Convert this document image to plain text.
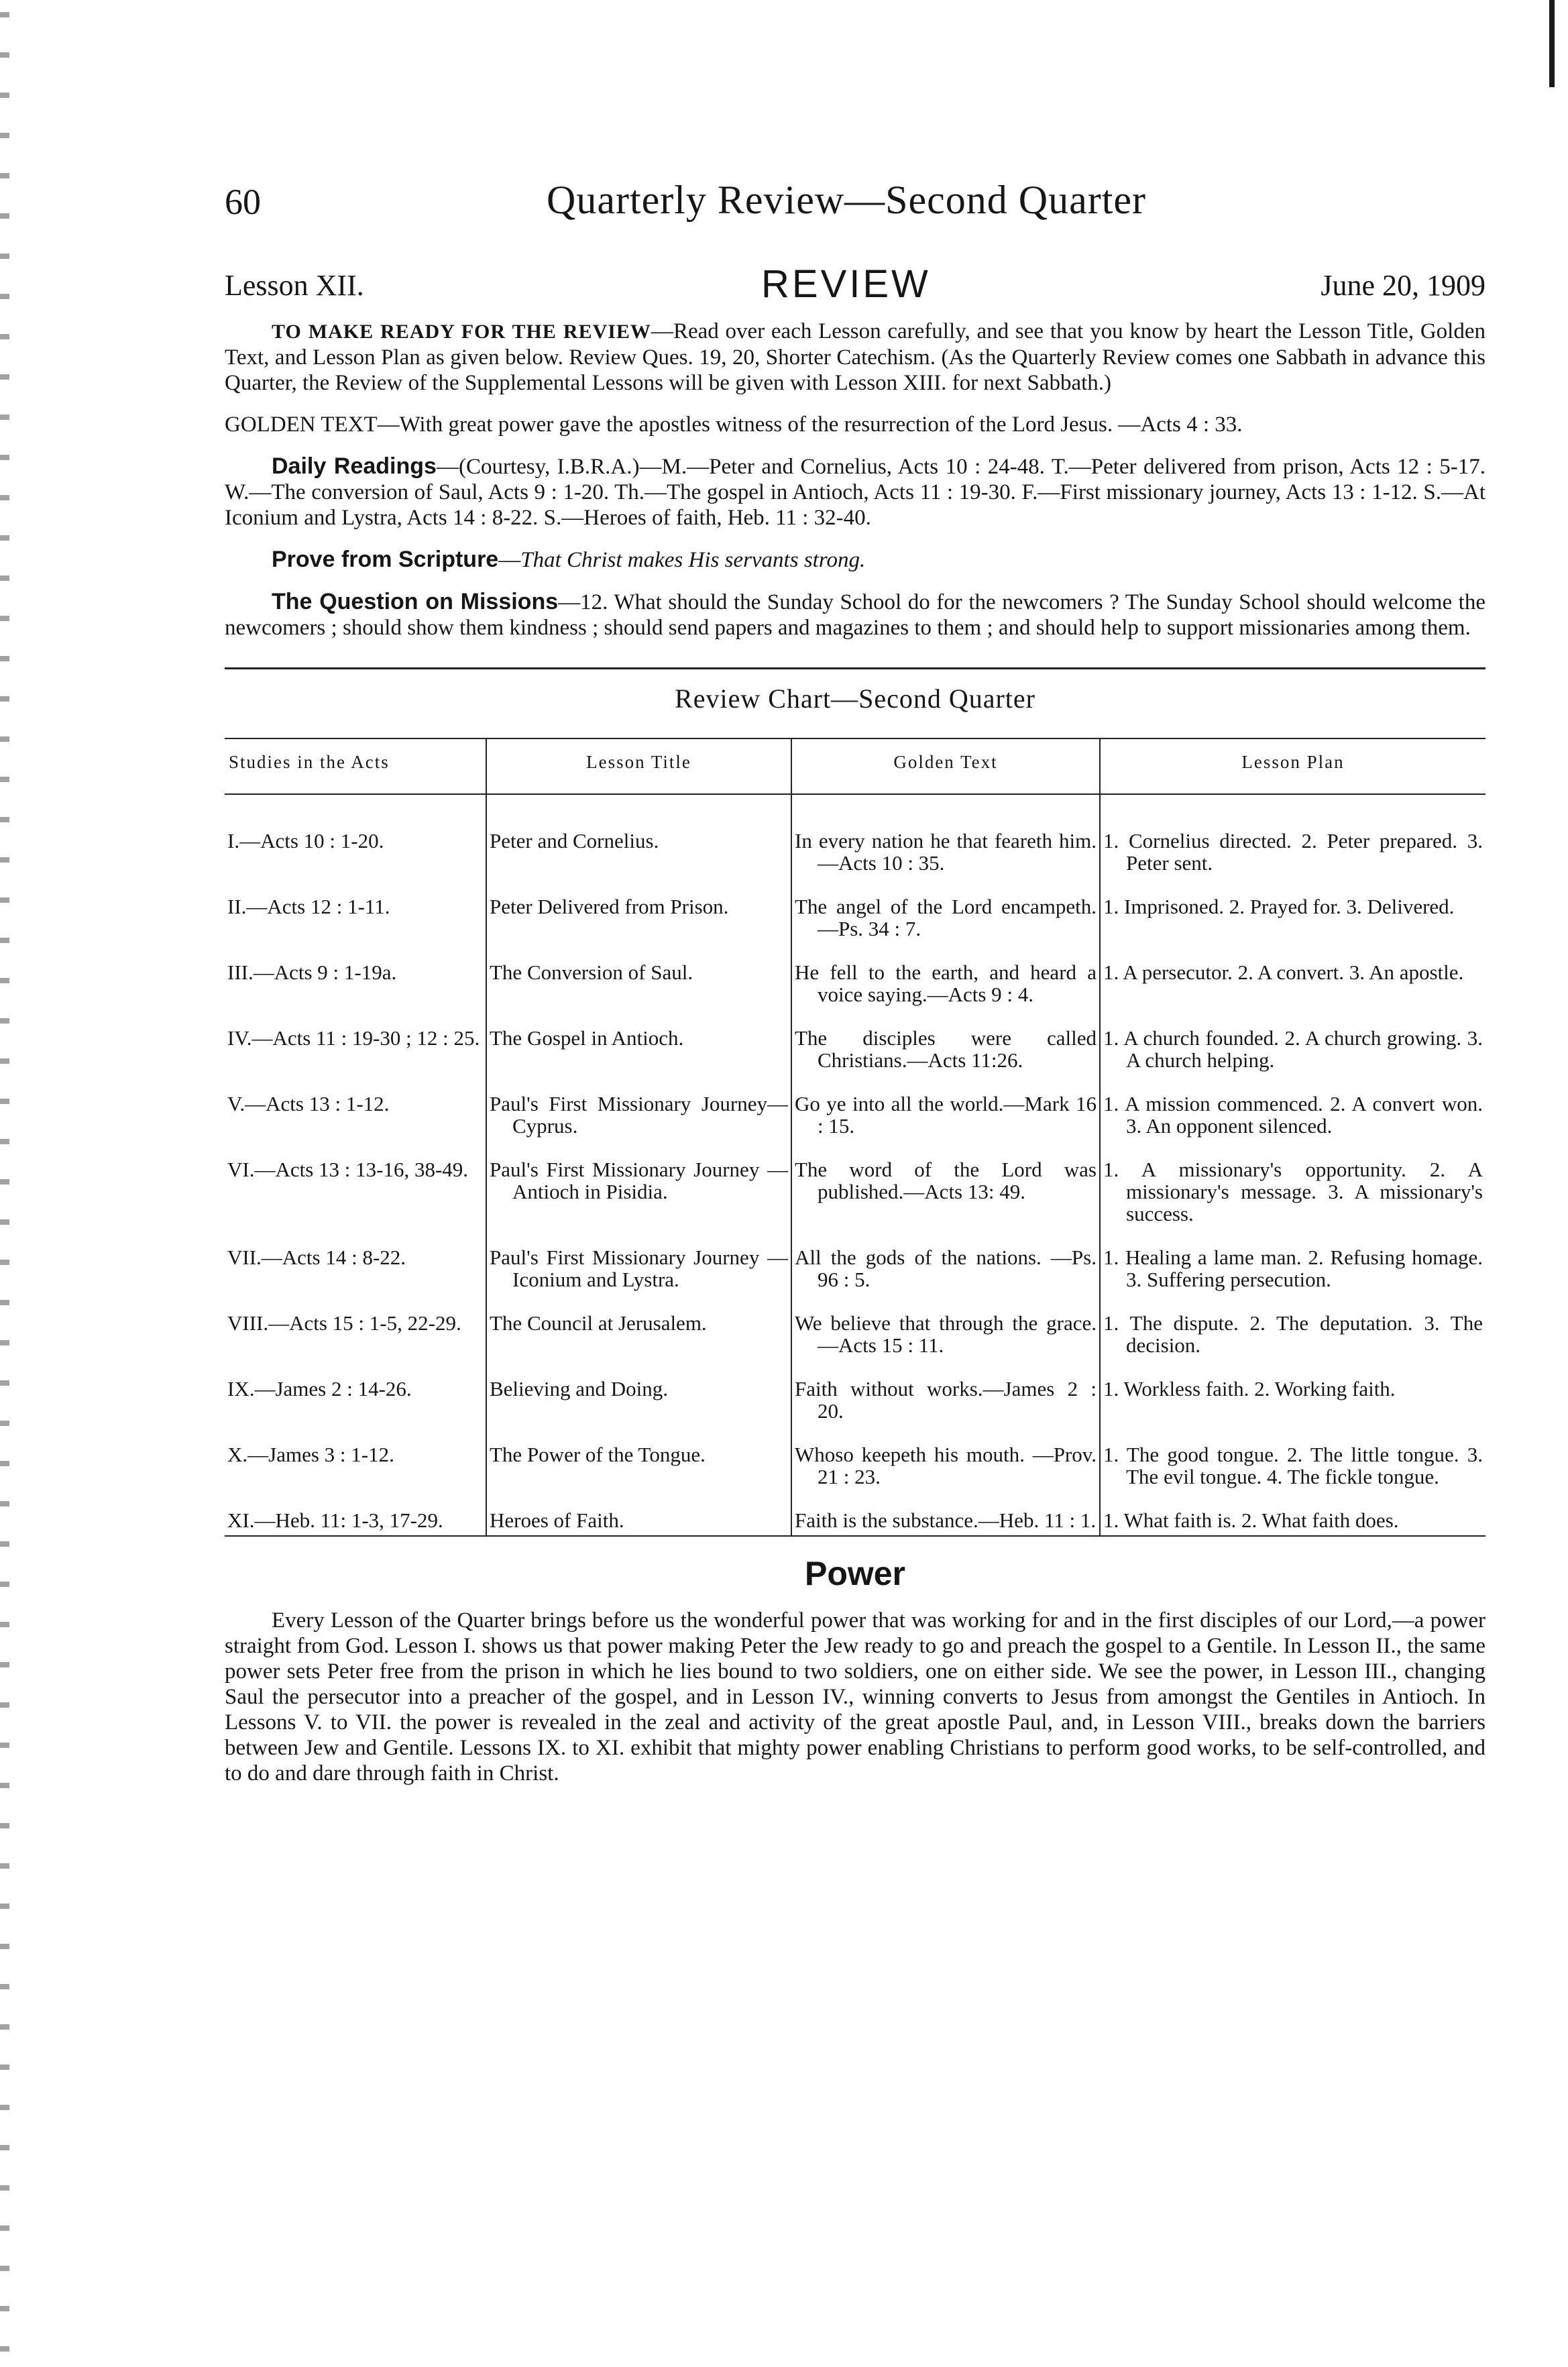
60	Quarterly Review—Second Quarter
Lesson XII.	REVIEW	June 20, 1909

TO MAKE READY FOR THE REVIEW—Read over each Lesson carefully, and see that you know by heart the Lesson Title, Golden Text, and Lesson Plan as given below. Review Ques. 19, 20, Shorter Catechism. (As the Quarterly Review comes one Sabbath in advance this Quarter, the Review of the Supplemental Lessons will be given with Lesson XIII. for next Sabbath.)

GOLDEN TEXT—With great power gave the apostles witness of the resurrection of the Lord Jesus. —Acts 4 : 33.

Daily Readings—(Courtesy, I.B.R.A.)—M.—Peter and Cornelius, Acts 10 : 24-48. T.—Peter delivered from prison, Acts 12 : 5-17. W.—The conversion of Saul, Acts 9 : 1-20. Th.—The gospel in Antioch, Acts 11 : 19-30. F.—First missionary journey, Acts 13 : 1-12. S.—At Iconium and Lystra, Acts 14 : 8-22. S.—Heroes of faith, Heb. 11 : 32-40.

Prove from Scripture—That Christ makes His servants strong.

The Question on Missions—12. What should the Sunday School do for the newcomers ? The Sunday School should welcome the newcomers ; should show them kindness ; should send papers and magazines to them ; and should help to support missionaries among them.

Review Chart—Second Quarter
Studies in the Acts	Lesson Title	Golden Text	Lesson Plan
I.—Acts 10 : 1-20.	Peter and Cornelius.	In every nation he that feareth him.—Acts 10 : 35.	1. Cornelius directed. 2. Peter prepared. 3. Peter sent.
II.—Acts 12 : 1-11.	Peter Delivered from Prison.	The angel of the Lord encampeth.—Ps. 34 : 7.	1. Imprisoned. 2. Prayed for. 3. Delivered.
III.—Acts 9 : 1-19a.	The Conversion of Saul.	He fell to the earth, and heard a voice saying.—Acts 9 : 4.	1. A persecutor. 2. A convert. 3. An apostle.
IV.—Acts 11 : 19-30 ; 12 : 25.	The Gospel in Antioch.	The disciples were called Christians.—Acts 11:26.	1. A church founded. 2. A church growing. 3. A church helping.
V.—Acts 13 : 1-12.	Paul's First Missionary Journey—Cyprus.	Go ye into all the world.—Mark 16 : 15.	1. A mission commenced. 2. A convert won. 3. An opponent silenced.
VI.—Acts 13 : 13-16, 38-49.	Paul's First Missionary Journey — Antioch in Pisidia.	The word of the Lord was published.—Acts 13: 49.	1. A missionary's opportunity. 2. A missionary's message. 3. A missionary's success.
VII.—Acts 14 : 8-22.	Paul's First Missionary Journey — Iconium and Lystra.	All the gods of the nations. —Ps. 96 : 5.	1. Healing a lame man. 2. Refusing homage. 3. Suffering persecution.
VIII.—Acts 15 : 1-5, 22-29.	The Council at Jerusalem.	We believe that through the grace.—Acts 15 : 11.	1. The dispute. 2. The deputation. 3. The decision.
IX.—James 2 : 14-26.	Believing and Doing.	Faith without works.—James 2 : 20.	1. Workless faith. 2. Working faith.
X.—James 3 : 1-12.	The Power of the Tongue.	Whoso keepeth his mouth. —Prov. 21 : 23.	1. The good tongue. 2. The little tongue. 3. The evil tongue. 4. The fickle tongue.
XI.—Heb. 11: 1-3, 17-29.	Heroes of Faith.	Faith is the substance.—Heb. 11 : 1.	1. What faith is. 2. What faith does.
Power

Every Lesson of the Quarter brings before us the wonderful power that was working for and in the first disciples of our Lord,—a power straight from God. Lesson I. shows us that power making Peter the Jew ready to go and preach the gospel to a Gentile. In Lesson II., the same power sets Peter free from the prison in which he lies bound to two soldiers, one on either side. We see the power, in Lesson III., changing Saul the persecutor into a preacher of the gospel, and in Lesson IV., winning converts to Jesus from amongst the Gentiles in Antioch. In Lessons V. to VII. the power is revealed in the zeal and activity of the great apostle Paul, and, in Lesson VIII., breaks down the barriers between Jew and Gentile. Lessons IX. to XI. exhibit that mighty power enabling Christians to perform good works, to be self-controlled, and to do and dare through faith in Christ.
